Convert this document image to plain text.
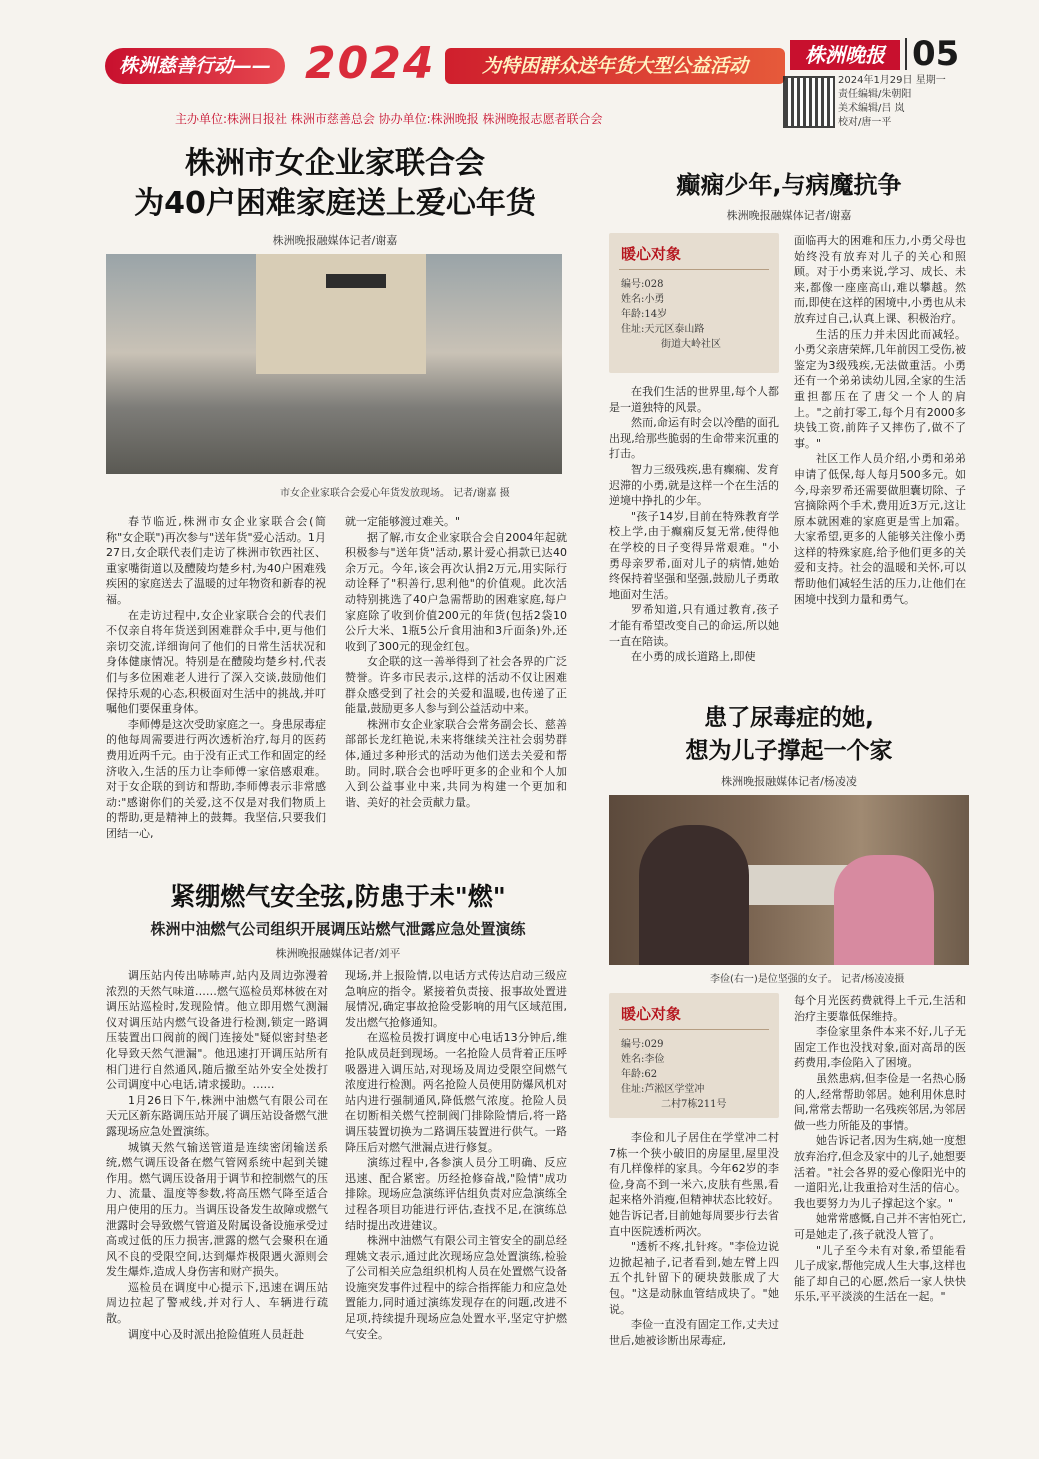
株洲慈善行动—— 2024	为特困群众送年货大型公益活动	株洲晚报 05
2024年1月29日 星期一
责任编辑/朱朝阳
美术编辑/吕 岚
校对/唐一平
主办单位:株洲日报社 株洲市慈善总会 协办单位:株洲晚报 株洲晚报志愿者联合会
株洲市女企业家联合会
为40户困难家庭送上爱心年货
株洲晚报融媒体记者/谢嘉
市女企业家联合会爱心年货发放现场。 记者/谢嘉 摄

春节临近,株洲市女企业家联合会(简称"女企联")再次参与"送年货"爱心活动。1月27日,女企联代表们走访了株洲市钦西社区、重家嘴街道以及醴陵均楚乡村,为40户困难残疾困的家庭送去了温暖的过年物资和新春的祝福。

在走访过程中,女企业家联合会的代表们不仅亲自将年货送到困难群众手中,更与他们亲切交流,详细询问了他们的日常生活状况和身体健康情况。特别是在醴陵均楚乡村,代表们与多位困难老人进行了深入交谈,鼓励他们保持乐观的心态,积极面对生活中的挑战,并叮嘱他们要保重身体。

李师傅是这次受助家庭之一。身患尿毒症的他每周需要进行两次透析治疗,每月的医药费用近两千元。由于没有正式工作和固定的经济收入,生活的压力让李师傅一家倍感艰难。对于女企联的到访和帮助,李师傅表示非常感动:"感谢你们的关爱,这不仅是对我们物质上的帮助,更是精神上的鼓舞。我坚信,只要我们团结一心,

就一定能够渡过难关。"

据了解,市女企业家联合会自2004年起就积极参与"送年货"活动,累计爱心捐款已达40余万元。今年,该会再次认捐2万元,用实际行动诠释了"积善行,思利他"的价值观。此次活动特别挑选了40户急需帮助的困难家庭,每户家庭除了收到价值200元的年货(包括2袋10公斤大米、1瓶5公斤食用油和3斤面条)外,还收到了300元的现金红包。

女企联的这一善举得到了社会各界的广泛赞誉。许多市民表示,这样的活动不仅让困难群众感受到了社会的关爱和温暖,也传递了正能量,鼓励更多人参与到公益活动中来。

株洲市女企业家联合会常务副会长、慈善部部长龙红艳说,未来将继续关注社会弱势群体,通过多种形式的活动为他们送去关爱和帮助。同时,联合会也呼吁更多的企业和个人加入到公益事业中来,共同为构建一个更加和谐、美好的社会贡献力量。

癫痫少年,与病魔抗争
株洲晚报融媒体记者/谢嘉
暖心对象
编号:028
姓名:小勇
年龄:14岁
住址:天元区泰山路
街道大岭社区

在我们生活的世界里,每个人都是一道独特的风景。

然而,命运有时会以冷酷的面孔出现,给那些脆弱的生命带来沉重的打击。

智力三级残疾,患有癫痫、发育迟滞的小勇,就是这样一个在生活的逆境中挣扎的少年。

"孩子14岁,目前在特殊教育学校上学,由于癫痫反复无常,使得他在学校的日子变得异常艰难。"小勇母亲罗希,面对儿子的病情,她始终保持着坚强和坚强,鼓励儿子勇敢地面对生活。

罗希知道,只有通过教育,孩子才能有希望改变自己的命运,所以她一直在陪读。

在小勇的成长道路上,即使

面临再大的困难和压力,小勇父母也始终没有放弃对儿子的关心和照顾。对于小勇来说,学习、成长、未来,都像一座座高山,难以攀越。然而,即使在这样的困境中,小勇也从未放弃过自己,认真上课、积极治疗。

生活的压力并未因此而减轻。小勇父亲唐荣辉,几年前因工受伤,被鉴定为3级残疾,无法做重活。小勇还有一个弟弟读幼儿园,全家的生活重担都压在了唐父一个人的肩上。"之前打零工,每个月有2000多块钱工资,前阵子又摔伤了,做不了事。"

社区工作人员介绍,小勇和弟弟申请了低保,每人每月500多元。如今,母亲罗希还需要做胆囊切除、子宫摘除两个手术,费用近3万元,这让原本就困难的家庭更是雪上加霜。大家希望,更多的人能够关注像小勇这样的特殊家庭,给予他们更多的关爱和支持。社会的温暖和关怀,可以帮助他们减轻生活的压力,让他们在困境中找到力量和勇气。

患了尿毒症的她,
想为儿子撑起一个家
株洲晚报融媒体记者/杨凌凌
李俭(右一)是位坚强的女子。 记者/杨凌凌摄
暖心对象
编号:029
姓名:李俭
年龄:62
住址:芦淞区学堂冲
二村7栋211号

李俭和儿子居住在学堂冲二村7栋一个狭小破旧的房屋里,屋里没有几样像样的家具。今年62岁的李俭,身高不到一米六,皮肤有些黑,看起来格外消瘦,但精神状态比较好。她告诉记者,目前她每周要步行去省直中医院透析两次。

"透析不疼,扎针疼。"李俭边说边掀起袖子,记者看到,她左臂上四五个扎针留下的硬块鼓胀成了大包。"这是动脉血管结成块了。"她说。

李俭一直没有固定工作,丈夫过世后,她被诊断出尿毒症,

每个月光医药费就得上千元,生活和治疗主要靠低保维持。

李俭家里条件本来不好,儿子无固定工作也没找对象,面对高昂的医药费用,李俭陷入了困境。

虽然患病,但李俭是一名热心肠的人,经常帮助邻居。她利用休息时间,常常去帮助一名残疾邻居,为邻居做一些力所能及的事情。

她告诉记者,因为生病,她一度想放弃治疗,但念及家中的儿子,她想要活着。"社会各界的爱心像阳光中的一道阳光,让我重拾对生活的信心。我也要努力为儿子撑起这个家。"

她常常感慨,自己并不害怕死亡,可是她走了,孩子就没人管了。

"儿子至今未有对象,希望能看儿子成家,帮他完成人生大事,这样也能了却自己的心愿,然后一家人快快乐乐,平平淡淡的生活在一起。"

紧绷燃气安全弦,防患于未"燃"
株洲中油燃气公司组织开展调压站燃气泄露应急处置演练
株洲晚报融媒体记者/刘平

调压站内传出哧哧声,站内及周边弥漫着浓烈的天然气味道……燃气巡检员郑林彼在对调压站巡检时,发现险情。他立即用燃气测漏仪对调压站内燃气设备进行检测,锁定一路调压装置出口阀前的阀门连接处"疑似密封垫老化导致天然气泄漏"。他迅速打开调压站所有相门进行自然通风,随后撤至站外安全处拨打公司调度中心电话,请求援助。……

1月26日下午,株洲中油燃气有限公司在天元区新东路调压站开展了调压站设备燃气泄露现场应急处置演练。

城镇天然气输送管道是连续密闭输送系统,燃气调压设备在燃气管网系统中起到关键作用。燃气调压设备用于调节和控制燃气的压力、流量、温度等参数,将高压燃气降至适合用户使用的压力。当调压设备发生故障或燃气泄露时会导致燃气管道及附属设备设施承受过高或过低的压力损害,泄露的燃气会聚积在通风不良的受限空间,达到爆炸极限遇火源则会发生爆炸,造成人身伤害和财产损失。

巡检员在调度中心提示下,迅速在调压站周边拉起了警戒线,并对行人、车辆进行疏散。

调度中心及时派出抢险值班人员赶赴

现场,并上报险情,以电话方式传达启动三级应急响应的指令。紧接着负责接、报事故处置进展情况,确定事故抢险受影响的用气区域范围,发出燃气抢修通知。

在巡检员拨打调度中心电话13分钟后,维抢队成员赶到现场。一名抢险人员背着正压呼吸器进入调压站,对现场及周边受限空间燃气浓度进行检测。两名抢险人员使用防爆风机对站内进行强制通风,降低燃气浓度。抢险人员在切断相关燃气控制阀门排除险情后,将一路调压装置切换为二路调压装置进行供气。一路降压后对燃气泄漏点进行修复。

演练过程中,各参演人员分工明确、反应迅速、配合紧密。历经抢修奋战,"险情"成功排除。现场应急演练评估组负责对应急演练全过程各项目功能进行评估,查找不足,在演练总结时提出改进建议。

株洲中油燃气有限公司主管安全的副总经理姚文表示,通过此次现场应急处置演练,检验了公司相关应急组织机构人员在处置燃气设备设施突发事件过程中的综合指挥能力和应急处置能力,同时通过演练发现存在的问题,改进不足项,持续提升现场应急处置水平,坚定守护燃气安全。
